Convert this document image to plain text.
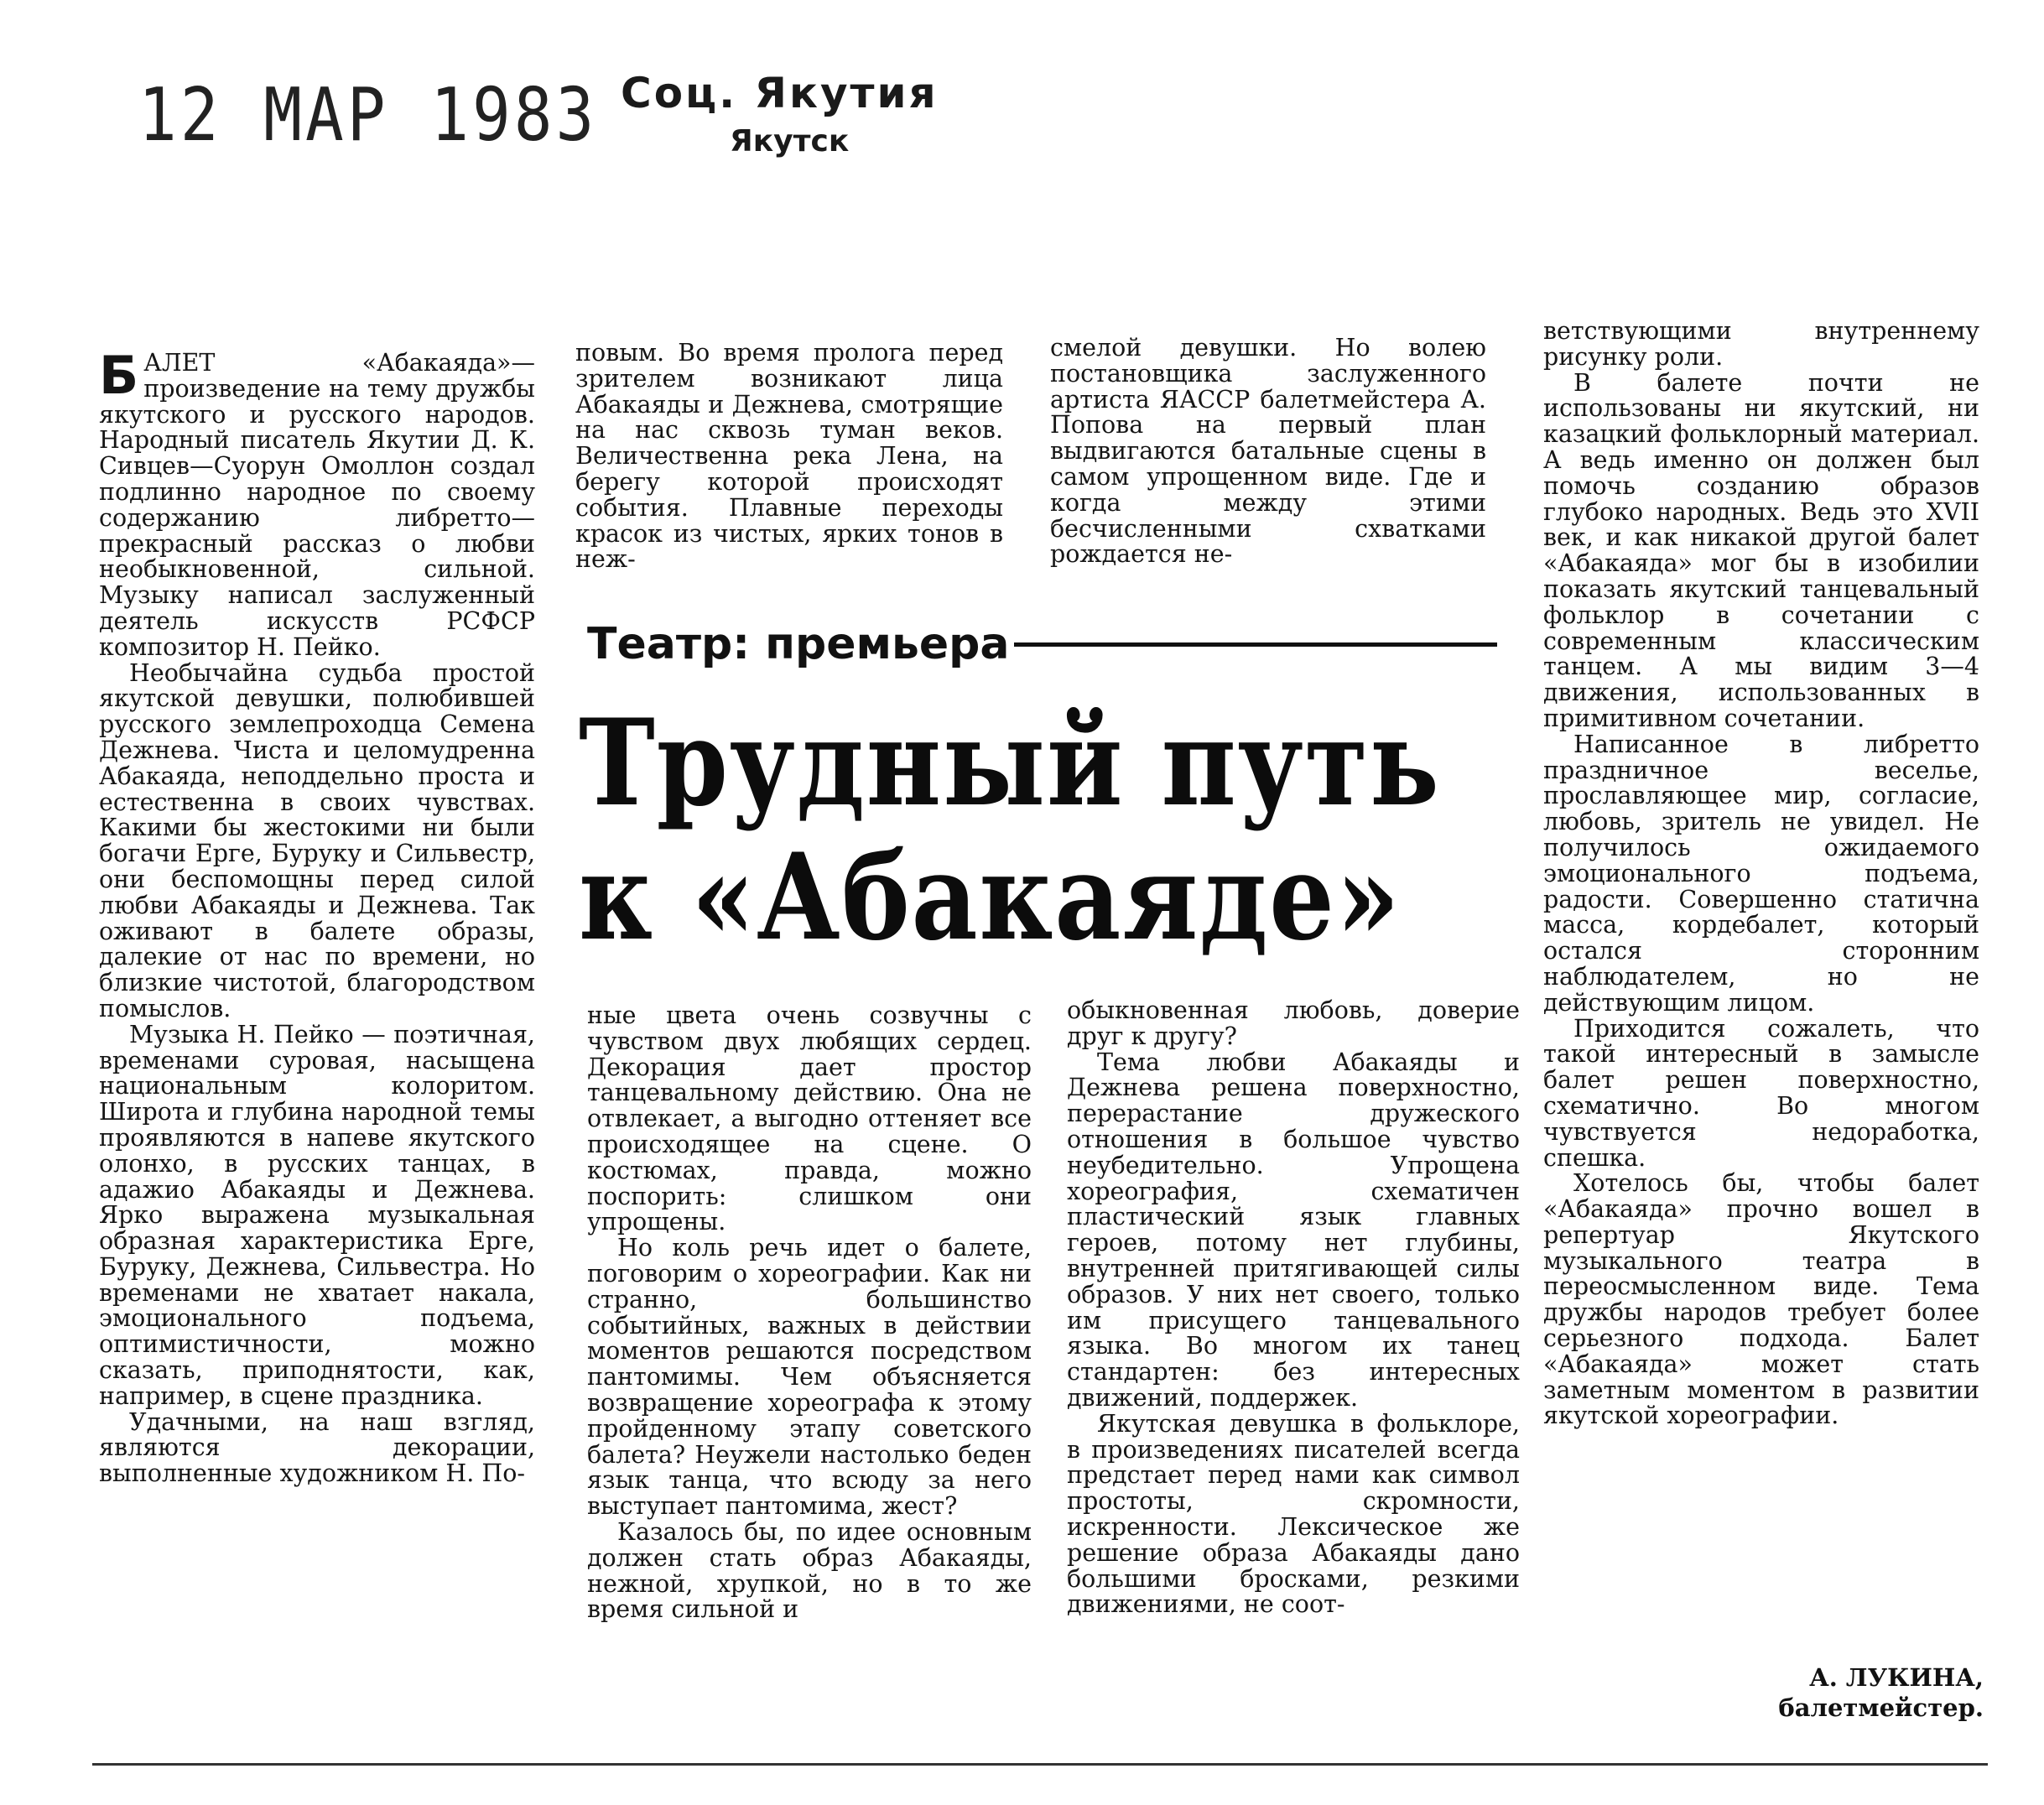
12 МАР 1983 Соц. Якутия
Якутск

БАЛЕТ «Абакаяда»—произведение на тему дружбы якутского и русского народов. Народный писатель Якутии Д. К. Сивцев—Суорун Омоллон создал подлинно народное по своему содержанию либретто—прекрасный рассказ о любви необыкновенной, сильной. Музыку написал заслуженный деятель искусств РСФСР композитор Н. Пейко.

Необычайна судьба простой якутской девушки, полюбившей русского землепроходца Семена Дежнева. Чиста и целомудренна Абакаяда, неподдельно проста и естественна в своих чувствах. Какими бы жестокими ни были богачи Ерге, Буруку и Сильвестр, они беспомощны перед силой любви Абакаяды и Дежнева. Так оживают в балете образы, далекие от нас по времени, но близкие чистотой, благородством помыслов.

Музыка Н. Пейко — поэтичная, временами суровая, насыщена национальным колоритом. Широта и глубина народной темы проявляются в напеве якутского олонхо, в русских танцах, в адажио Абакаяды и Дежнева. Ярко выражена музыкальная образная характеристика Ерге, Буруку, Дежнева, Сильвестра. Но временами не хватает накала, эмоционального подъема, оптимистичности, можно сказать, приподнятости, как, например, в сцене праздника.

Удачными, на наш взгляд, являются декорации, выполненные художником Н. По-

повым. Во время пролога перед зрителем возникают лица Абакаяды и Дежнева, смотрящие на нас сквозь туман веков. Величественна река Лена, на берегу которой происходят события. Плавные переходы красок из чистых, ярких тонов в неж-

смелой девушки. Но волею постановщика заслуженного артиста ЯАССР балетмейстера А. Попова на первый план выдвигаются батальные сцены в самом упрощенном виде. Где и когда между этими бесчисленными схватками рождается не-

Театр: премьера
Трудный путь
к «Абакаяде»

ные цвета очень созвучны с чувством двух любящих сердец. Декорация дает простор танцевальному действию. Она не отвлекает, а выгодно оттеняет все происходящее на сцене. О костюмах, правда, можно поспорить: слишком они упрощены.

Но коль речь идет о балете, поговорим о хореографии. Как ни странно, большинство событийных, важных в действии моментов решаются посредством пантомимы. Чем объясняется возвращение хореографа к этому пройденному этапу советского балета? Неужели настолько беден язык танца, что всюду за него выступает пантомима, жест?

Казалось бы, по идее основным должен стать образ Абакаяды, нежной, хрупкой, но в то же время сильной и

обыкновенная любовь, доверие друг к другу?

Тема любви Абакаяды и Дежнева решена поверхностно, перерастание дружеского отношения в большое чувство неубедительно. Упрощена хореография, схематичен пластический язык главных героев, потому нет глубины, внутренней притягивающей силы образов. У них нет своего, только им присущего танцевального языка. Во многом их танец стандартен: без интересных движений, поддержек.

Якутская девушка в фольклоре, в произведениях писателей всегда предстает перед нами как символ простоты, скромности, искренности. Лексическое же решение образа Абакаяды дано большими бросками, резкими движениями, не соот-

ветствующими внутреннему рисунку роли.

В балете почти не использованы ни якутский, ни казацкий фольклорный материал. А ведь именно он должен был помочь созданию образов глубоко народных. Ведь это XVII век, и как никакой другой балет «Абакаяда» мог бы в изобилии показать якутский танцевальный фольклор в сочетании с современным классическим танцем. А мы видим 3—4 движения, использованных в примитивном сочетании.

Написанное в либретто праздничное веселье, прославляющее мир, согласие, любовь, зритель не увидел. Не получилось ожидаемого эмоционального подъема, радости. Совершенно статична масса, кордебалет, который остался сторонним наблюдателем, но не действующим лицом.

Приходится сожалеть, что такой интересный в замысле балет решен поверхностно, схематично. Во многом чувствуется недоработка, спешка.

Хотелось бы, чтобы балет «Абакаяда» прочно вошел в репертуар Якутского музыкального театра в переосмысленном виде. Тема дружбы народов требует более серьезного подхода. Балет «Абакаяда» может стать заметным моментом в развитии якутской хореографии.

А. ЛУКИНА,
балетмейстер.
